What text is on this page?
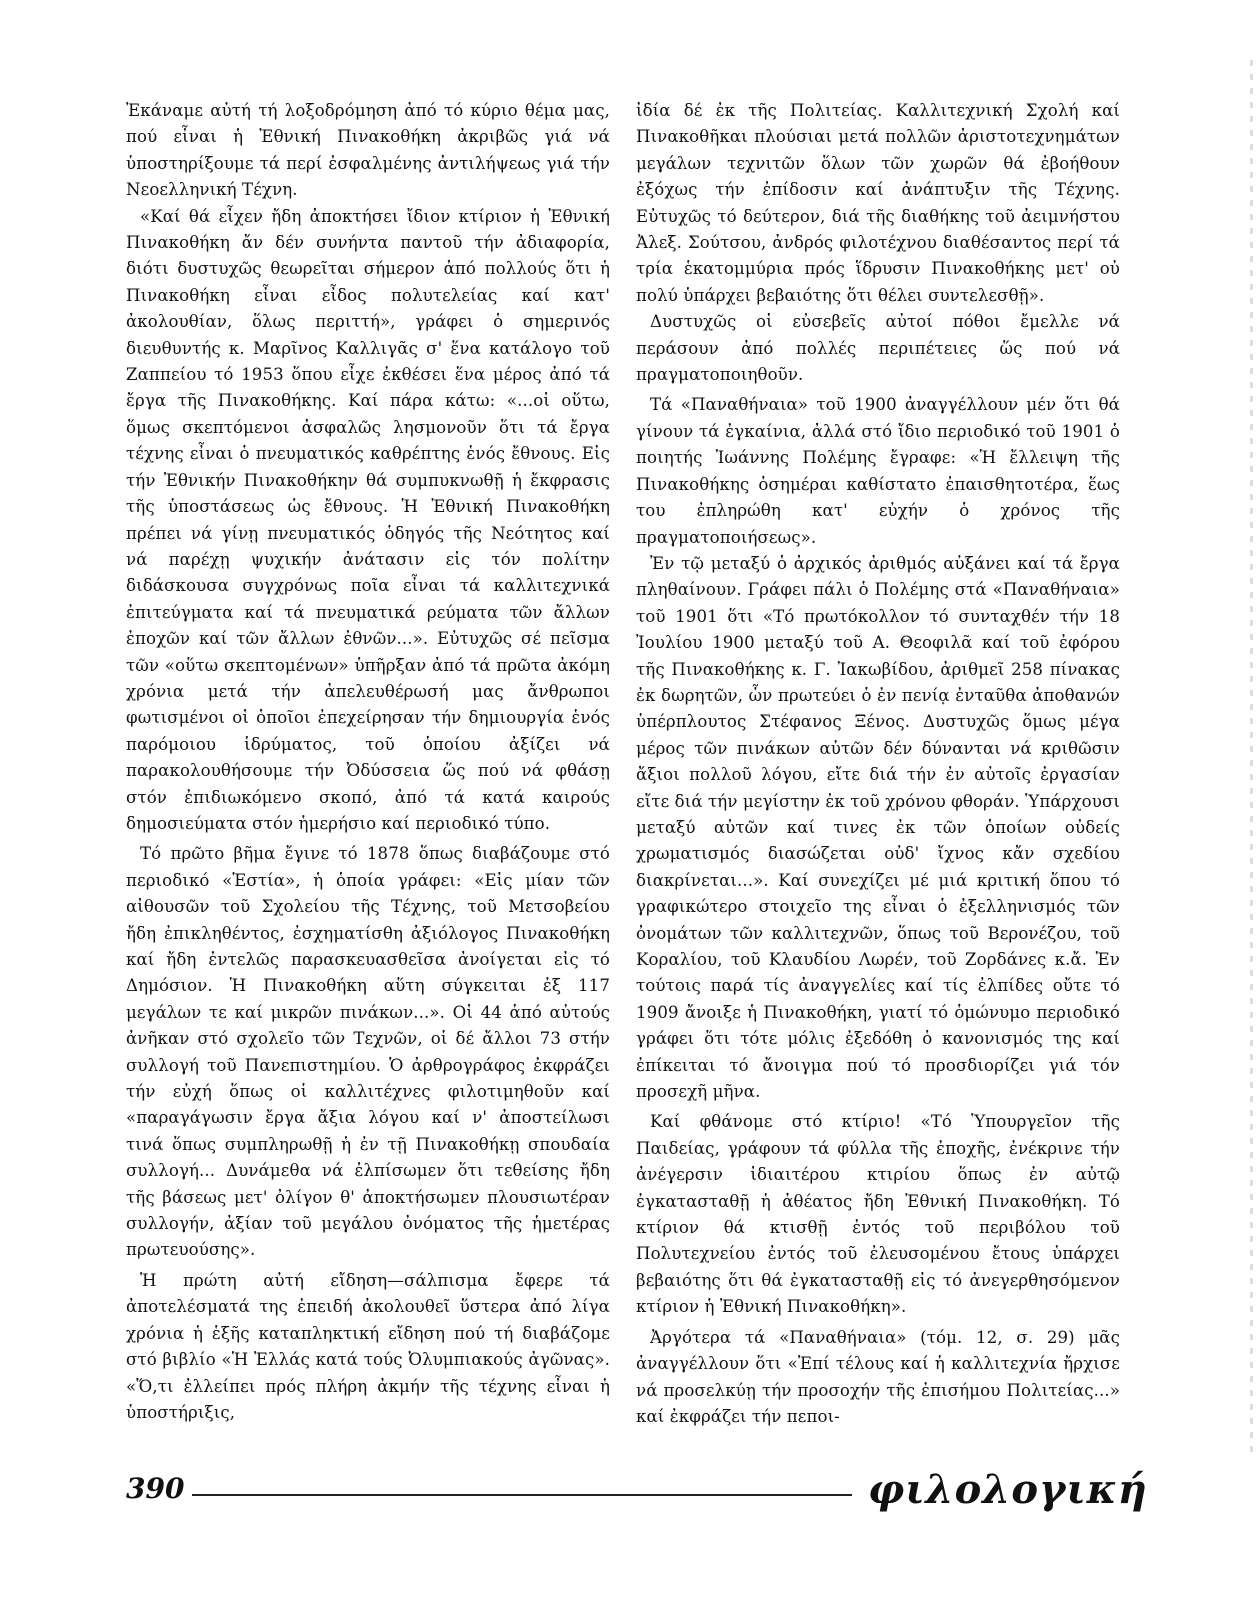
Ἐκάναμε αὐτή τή λοξοδρόμηση ἀπό τό κύριο θέμα μας, πού εἶναι ἡ Ἐθνική Πινακοθήκη ἀκριβῶς γιά νά ὑποστηρίξουμε τά περί ἐσφαλμένης ἀντιλήψεως γιά τήν Νεοελληνική Τέχνη.

«Καί θά εἶχεν ἤδη ἀποκτήσει ἴδιον κτίριον ἡ Ἐθνική Πινακοθήκη ἄν δέν συνήντα παντοῦ τήν ἀδιαφορία, διότι δυστυχῶς θεωρεῖται σήμερον ἀπό πολλούς ὅτι ἡ Πινακοθήκη εἶναι εἶδος πολυτελείας καί κατ' ἀκολουθίαν, ὅλως περιττή», γράφει ὁ σημερινός διευθυντής κ. Μαρῖνος Καλλιγᾶς σ' ἕνα κατάλογο τοῦ Ζαππείου τό 1953 ὅπου εἶχε ἐκθέσει ἕνα μέρος ἀπό τά ἔργα τῆς Πινακοθήκης. Καί πάρα κάτω: «...οἱ οὕτω, ὅμως σκεπτόμενοι ἀσφαλῶς λησμονοῦν ὅτι τά ἔργα τέχνης εἶναι ὁ πνευματικός καθρέπτης ἑνός ἔθνους. Εἰς τήν Ἐθνικήν Πινακοθήκην θά συμπυκνωθῇ ἡ ἔκφρασις τῆς ὑποστάσεως ὡς ἔθνους. Ἡ Ἐθνική Πινακοθήκη πρέπει νά γίνῃ πνευματικός ὁδηγός τῆς Νεότητος καί νά παρέχῃ ψυχικήν ἀνάτασιν εἰς τόν πολίτην διδάσκουσα συγχρόνως ποῖα εἶναι τά καλλιτεχνικά ἐπιτεύγματα καί τά πνευματικά ρεύματα τῶν ἄλλων ἐποχῶν καί τῶν ἄλλων ἐθνῶν...». Εὐτυχῶς σέ πεῖσμα τῶν «οὕτω σκεπτομένων» ὑπῆρξαν ἀπό τά πρῶτα ἀκόμη χρόνια μετά τήν ἀπελευθέρωσή μας ἄνθρωποι φωτισμένοι οἱ ὁποῖοι ἐπεχείρησαν τήν δημιουργία ἑνός παρόμοιου ἱδρύματος, τοῦ ὁποίου ἀξίζει νά παρακολουθήσουμε τήν Ὀδύσσεια ὥς πού νά φθάσῃ στόν ἐπιδιωκόμενο σκοπό, ἀπό τά κατά καιρούς δημοσιεύματα στόν ἡμερήσιο καί περιοδικό τύπο.

Τό πρῶτο βῆμα ἔγινε τό 1878 ὅπως διαβάζουμε στό περιοδικό «Ἑστία», ἡ ὁποία γράφει: «Εἰς μίαν τῶν αἰθουσῶν τοῦ Σχολείου τῆς Τέχνης, τοῦ Μετσοβείου ἤδη ἐπικληθέντος, ἐσχηματίσθη ἀξιόλογος Πινακοθήκη καί ἤδη ἐντελῶς παρασκευασθεῖσα ἀνοίγεται εἰς τό Δημόσιον. Ἡ Πινακοθήκη αὕτη σύγκειται ἐξ 117 μεγάλων τε καί μικρῶν πινάκων...». Οἱ 44 ἀπό αὐτούς ἀνῆκαν στό σχολεῖο τῶν Τεχνῶν, οἱ δέ ἄλλοι 73 στήν συλλογή τοῦ Πανεπιστημίου. Ὁ ἀρθρογράφος ἐκφράζει τήν εὐχή ὅπως οἱ καλλιτέχνες φιλοτιμηθοῦν καί «παραγάγωσιν ἔργα ἄξια λόγου καί ν' ἀποστείλωσι τινά ὅπως συμπληρωθῇ ἡ ἐν τῇ Πινακοθήκῃ σπουδαία συλλογή... Δυνάμεθα νά ἐλπίσωμεν ὅτι τεθείσης ἤδη τῆς βάσεως μετ' ὀλίγον θ' ἀποκτήσωμεν πλουσιωτέραν συλλογήν, ἀξίαν τοῦ μεγάλου ὀνόματος τῆς ἡμετέρας πρωτευούσης».

Ἡ πρώτη αὐτή εἴδηση—σάλπισμα ἔφερε τά ἀποτελέσματά της ἐπειδή ἀκολουθεῖ ὕστερα ἀπό λίγα χρόνια ἡ ἑξῆς καταπληκτική εἴδηση πού τή διαβάζομε στό βιβλίο «Ἡ Ἑλλάς κατά τούς Ὀλυμπιακούς ἀγῶνας». «Ὅ,τι ἐλλείπει πρός πλήρη ἀκμήν τῆς τέχνης εἶναι ἡ ὑποστήριξις,

ἰδία δέ ἐκ τῆς Πολιτείας. Καλλιτεχνική Σχολή καί Πινακοθῆκαι πλούσιαι μετά πολλῶν ἀριστοτεχνημάτων μεγάλων τεχνιτῶν ὅλων τῶν χωρῶν θά ἐβοήθουν ἐξόχως τήν ἐπίδοσιν καί ἀνάπτυξιν τῆς Τέχνης. Εὐτυχῶς τό δεύτερον, διά τῆς διαθήκης τοῦ ἀειμνήστου Ἀλεξ. Σούτσου, ἀνδρός φιλοτέχνου διαθέσαντος περί τά τρία ἑκατομμύρια πρός ἵδρυσιν Πινακοθήκης μετ' οὐ πολύ ὑπάρχει βεβαιότης ὅτι θέλει συντελεσθῇ».

Δυστυχῶς οἱ εὐσεβεῖς αὐτοί πόθοι ἔμελλε νά περάσουν ἀπό πολλές περιπέτειες ὥς πού νά πραγματοποιηθοῦν.

Τά «Παναθήναια» τοῦ 1900 ἀναγγέλλουν μέν ὅτι θά γίνουν τά ἐγκαίνια, ἀλλά στό ἴδιο περιοδικό τοῦ 1901 ὁ ποιητής Ἰωάννης Πολέμης ἔγραφε: «Ἡ ἔλλειψη τῆς Πινακοθήκης ὁσημέραι καθίστατο ἐπαισθητοτέρα, ἕως του ἐπληρώθη κατ' εὐχήν ὁ χρόνος τῆς πραγματοποιήσεως».

Ἐν τῷ μεταξύ ὁ ἀρχικός ἀριθμός αὐξάνει καί τά ἔργα πληθαίνουν. Γράφει πάλι ὁ Πολέμης στά «Παναθήναια» τοῦ 1901 ὅτι «Τό πρωτόκολλον τό συνταχθέν τήν 18 Ἰουλίου 1900 μεταξύ τοῦ Α. Θεοφιλᾶ καί τοῦ ἐφόρου τῆς Πινακοθήκης κ. Γ. Ἰακωβίδου, ἀριθμεῖ 258 πίνακας ἐκ δωρητῶν, ὧν πρωτεύει ὁ ἐν πενίᾳ ἐνταῦθα ἀποθανών ὑπέρπλουτος Στέφανος Ξένος. Δυστυχῶς ὅμως μέγα μέρος τῶν πινάκων αὐτῶν δέν δύνανται νά κριθῶσιν ἄξιοι πολλοῦ λόγου, εἴτε διά τήν ἐν αὐτοῖς ἐργασίαν εἴτε διά τήν μεγίστην ἐκ τοῦ χρόνου φθοράν. Ὑπάρχουσι μεταξύ αὐτῶν καί τινες ἐκ τῶν ὁποίων οὐδείς χρωματισμός διασώζεται οὐδ' ἴχνος κἄν σχεδίου διακρίνεται...». Καί συνεχίζει μέ μιά κριτική ὅπου τό γραφικώτερο στοιχεῖο της εἶναι ὁ ἐξελληνισμός τῶν ὀνομάτων τῶν καλλιτεχνῶν, ὅπως τοῦ Βερονέζου, τοῦ Κοραλίου, τοῦ Κλαυδίου Λωρέν, τοῦ Ζορδάνες κ.ἄ. Ἐν τούτοις παρά τίς ἀναγγελίες καί τίς ἐλπίδες οὔτε τό 1909 ἄνοιξε ἡ Πινακοθήκη, γιατί τό ὁμώνυμο περιοδικό γράφει ὅτι τότε μόλις ἐξεδόθη ὁ κανονισμός της καί ἐπίκειται τό ἄνοιγμα πού τό προσδιορίζει γιά τόν προσεχῆ μῆνα.

Καί φθάνομε στό κτίριο! «Τό Ὑπουργεῖον τῆς Παιδείας, γράφουν τά φύλλα τῆς ἐποχῆς, ἐνέκρινε τήν ἀνέγερσιν ἰδιαιτέρου κτιρίου ὅπως ἐν αὐτῷ ἐγκατασταθῇ ἡ ἀθέατος ἤδη Ἐθνική Πινακοθήκη. Τό κτίριον θά κτισθῇ ἐντός τοῦ περιβόλου τοῦ Πολυτεχνείου ἐντός τοῦ ἐλευσομένου ἔτους ὑπάρχει βεβαιότης ὅτι θά ἐγκατασταθῇ εἰς τό ἀνεγερθησόμενον κτίριον ἡ Ἐθνική Πινακοθήκη».

Ἀργότερα τά «Παναθήναια» (τόμ. 12, σ. 29) μᾶς ἀναγγέλλουν ὅτι «Ἐπί τέλους καί ἡ καλλιτεχνία ἤρχισε νά προσελκύῃ τήν προσοχήν τῆς ἐπισήμου Πολιτείας...» καί ἐκφράζει τήν πεποι-

390	φιλολογική
